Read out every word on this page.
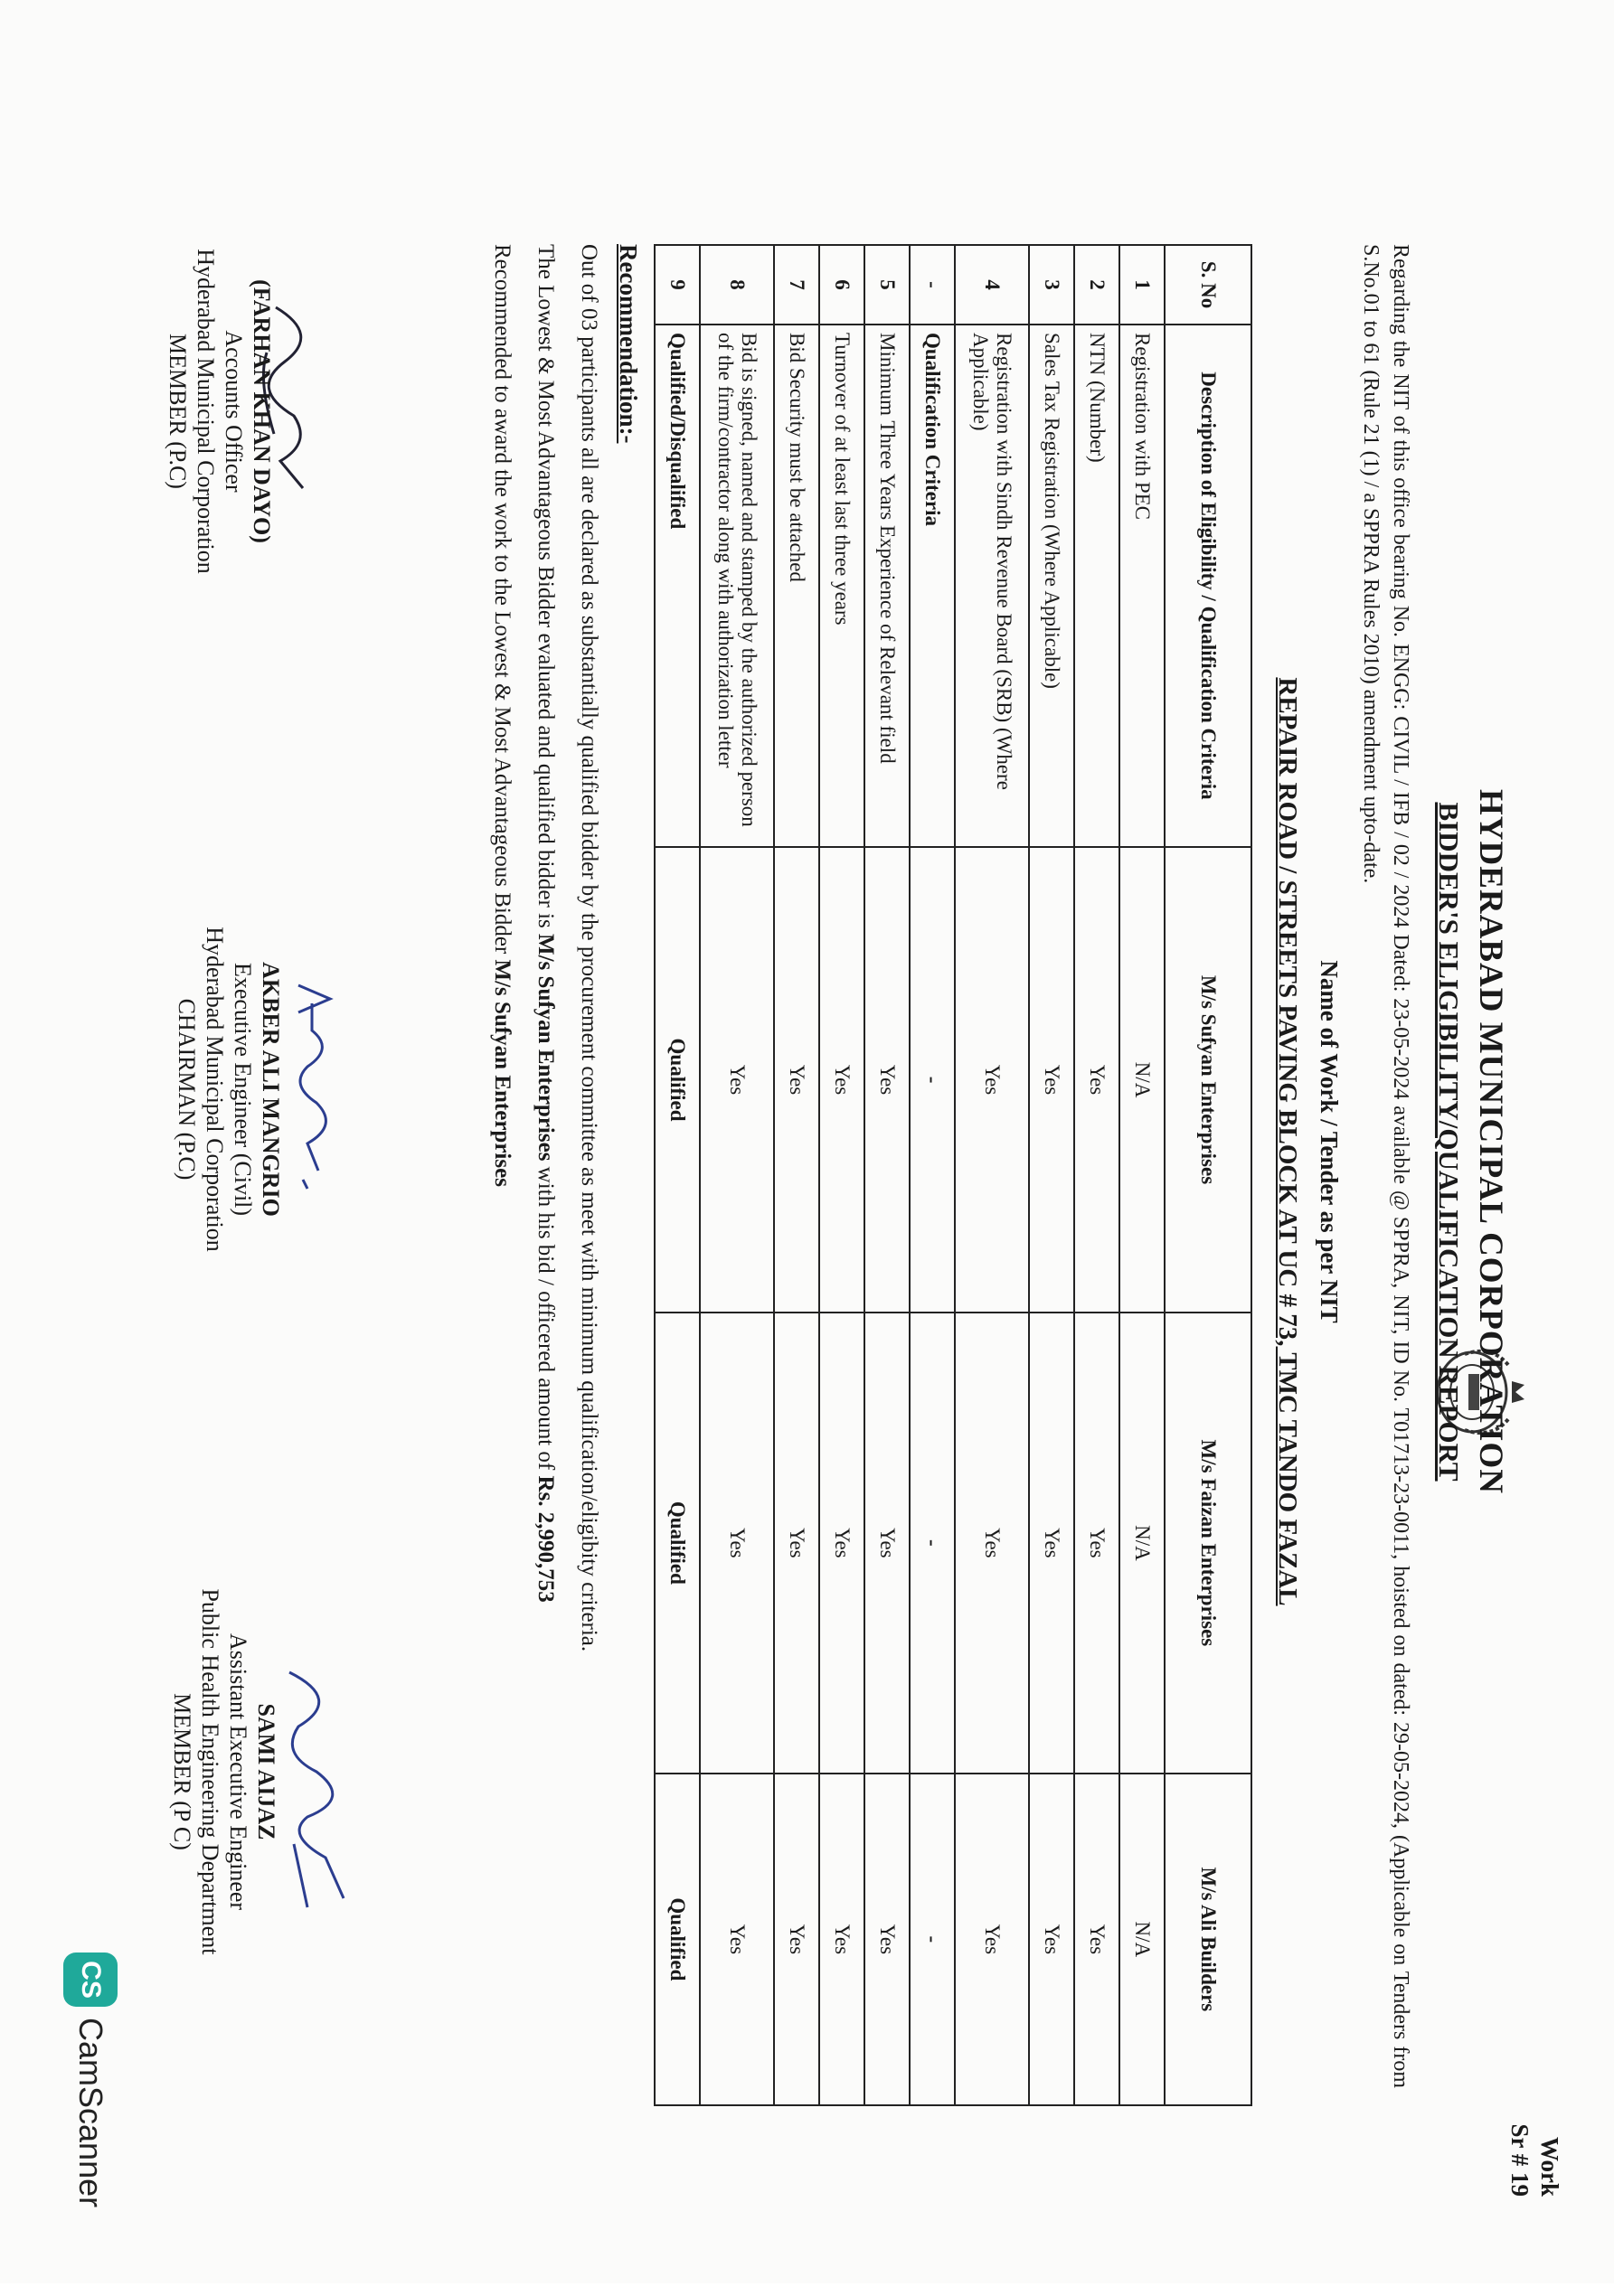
Work
Sr # 19
HYDERABAD MUNICIPAL CORPORATION
BIDDER'S ELIGIBILITY/QUALIFICATION REPORT
Regarding the NIT of this office bearing No. ENGG: CIVIL / IFB / 02 / 2024 Dated: 23-05-2024 available @ SPPRA, NIT, ID No. T01713-23-0011, hoisted on dated: 29-05-2024, (Applicable on Tenders from S.No.01 to 61 (Rule 21 (1) / a SPPRA Rules 2010) amendment upto-date.
Name of Work / Tender as per NIT
REPAIR ROAD / STREETS PAVING BLOCK AT UC # 73, TMC TANDO FAZAL
S. No	Description of Eligibility / Qualification Criteria	M/s Sufyan Enterprises	M/s Faizan Enterprises	M/s Ali Builders
1	Registration with PEC	N/A	N/A	N/A
2	NTN (Number)	Yes	Yes	Yes
3	Sales Tax Registration (Where Applicable)	Yes	Yes	Yes
4	Registration with Sindh Revenue Board (SRB) (Where Applicable)	Yes	Yes	Yes
-	Qualification Criteria	-	-	-
5	Minimum Three Years Experience of Relevant field	Yes	Yes	Yes
6	Turnover of at least last three years	Yes	Yes	Yes
7	Bid Security must be attached	Yes	Yes	Yes
8	Bid is signed, named and stamped by the authorized person of the firm/contractor along with authorization letter	Yes	Yes	Yes
9	Qualified/Disqualified	Qualified	Qualified	Qualified
Recommendation:-
Out of 03 participants all are declared as substantially qualified bidder by the procurement committee as meet with minimum qualification/eligibity criteria.
The Lowest & Most Advantageous Bidder evaluated and qualified bidder is M/s Sufyan Enterprises with his bid / officered amount of Rs. 2,990,753
Recommended to award the work to the Lowest & Most Advantageous Bidder M/s Sufyan Enterprises
(FARHAN KHAN DAYO)
Accounts Officer
Hyderabad Municipal Corporation
MEMBER (P.C)
AKBER ALI MANGRIO
Executive Engineer (Civil)
Hyderabad Municipal Corporation
CHAIRMAN (P.C)
SAMI AIJAZ
Assistant Executive Engineer
Public Health Engineering Department
MEMBER (P C)
CS
CamScanner
